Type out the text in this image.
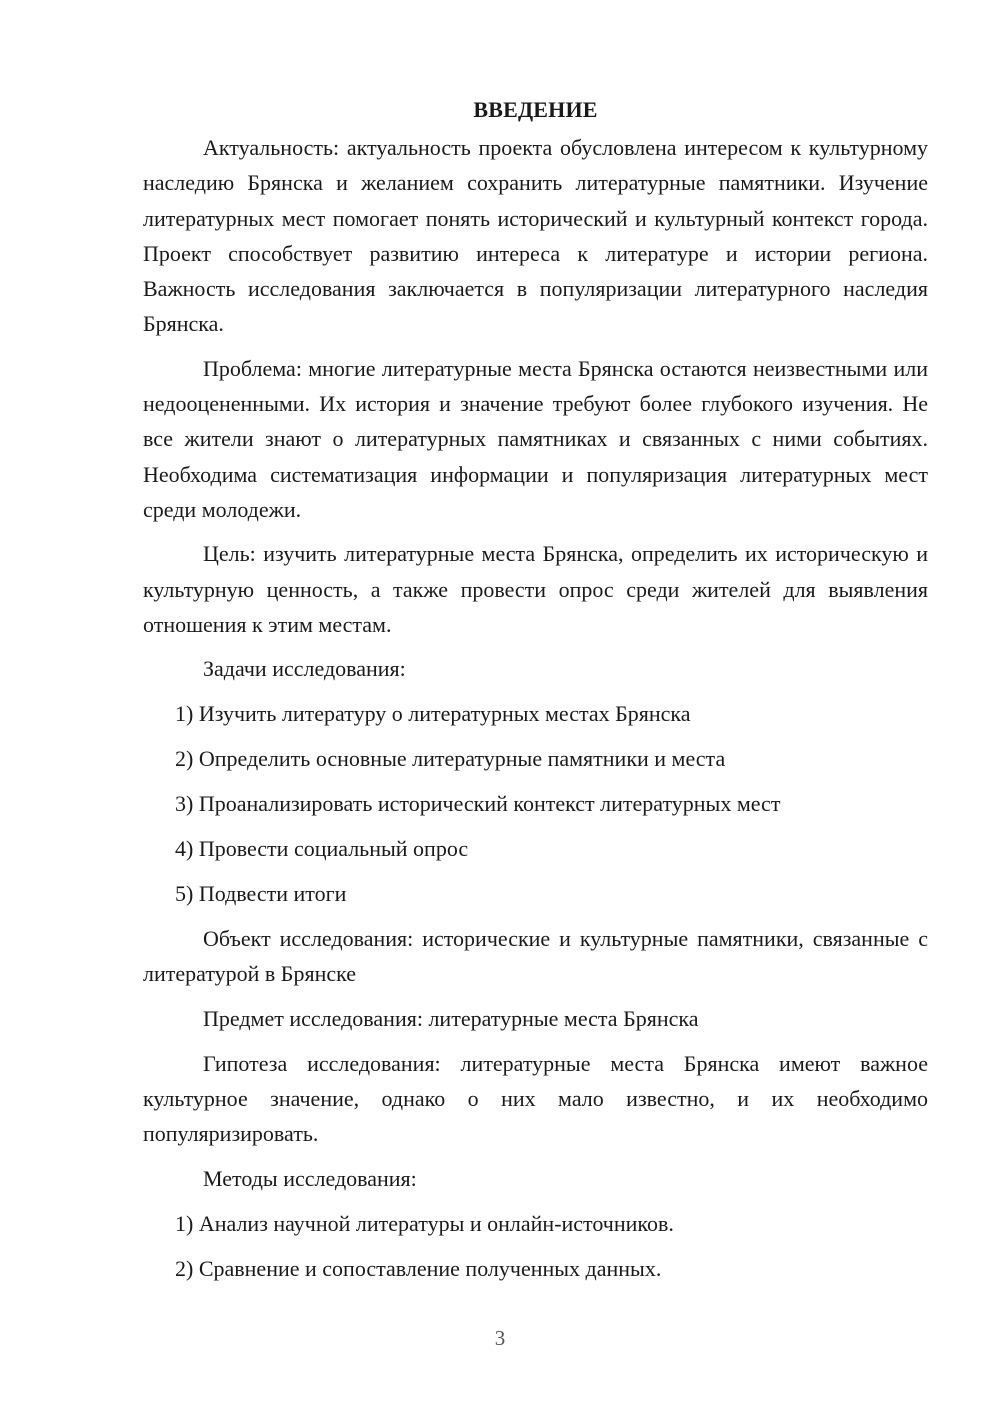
ВВЕДЕНИЕ

Актуальность: актуальность проекта обусловлена интересом к культурному наследию Брянска и желанием сохранить литературные памятники. Изучение литературных мест помогает понять исторический и культурный контекст города. Проект способствует развитию интереса к литературе и истории региона. Важность исследования заключается в популяризации литературного наследия Брянска.

Проблема: многие литературные места Брянска остаются неизвестными или недооцененными. Их история и значение требуют более глубокого изучения. Не все жители знают о литературных памятниках и связанных с ними событиях. Необходима систематизация информации и популяризация литературных мест среди молодежи.

Цель: изучить литературные места Брянска, определить их историческую и культурную ценность, а также провести опрос среди жителей для выявления отношения к этим местам.

Задачи исследования:

1) Изучить литературу о литературных местах Брянска

2) Определить основные литературные памятники и места

3) Проанализировать исторический контекст литературных мест

4) Провести социальный опрос

5) Подвести итоги

Объект исследования: исторические и культурные памятники, связанные с литературой в Брянске

Предмет исследования: литературные места Брянска

Гипотеза исследования: литературные места Брянска имеют важное культурное значение, однако о них мало известно, и их необходимо популяризировать.

Методы исследования:

1) Анализ научной литературы и онлайн-источников.

2) Сравнение и сопоставление полученных данных.

3
